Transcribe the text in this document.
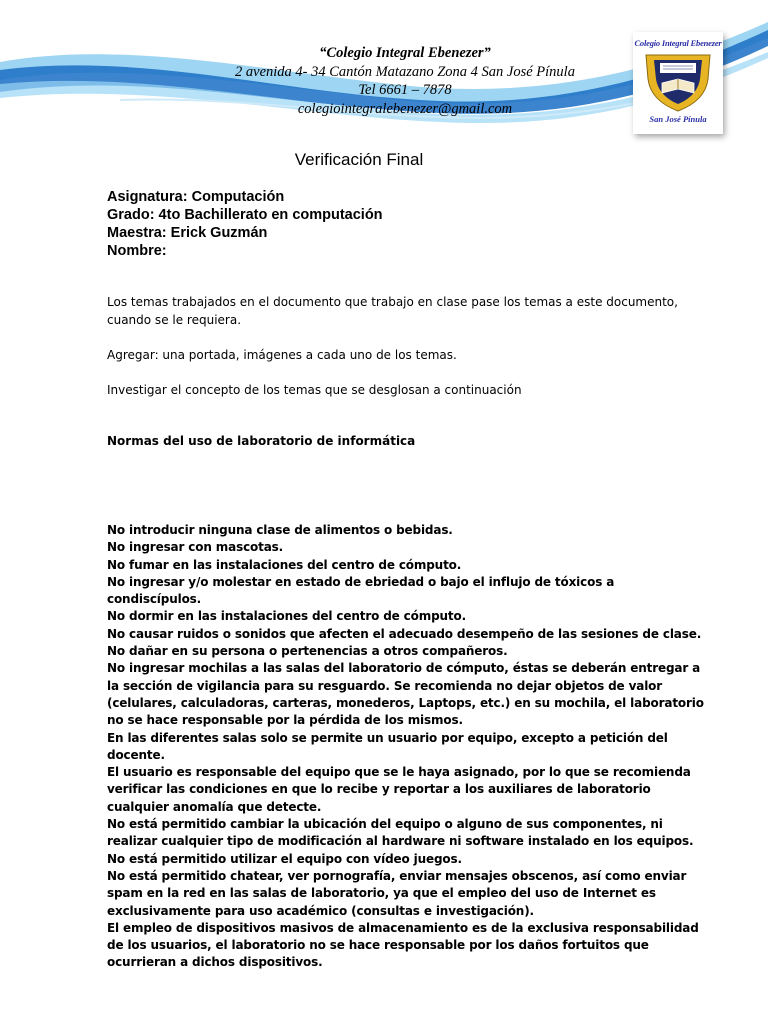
“Colegio Integral Ebenezer”
2 avenida 4- 34 Cantón Matazano Zona 4 San José Pínula
Tel 6661 – 7878
colegiointegralebenezer@gmail.com
Colegio Integral Ebenezer
San José Pínula
Verificación Final
Asignatura: Computación
Grado: 4to Bachillerato en computación
Maestra: Erick Guzmán
Nombre:

Los temas trabajados en el documento que trabajo en clase pase los temas a este documento, cuando se le requiera.

Agregar: una portada, imágenes a cada uno de los temas.

Investigar el concepto de los temas que se desglosan a continuación

Normas del uso de laboratorio de informática
No introducir ninguna clase de alimentos o bebidas.
No ingresar con mascotas.
No fumar en las instalaciones del centro de cómputo.
No ingresar y/o molestar en estado de ebriedad o bajo el influjo de tóxicos a condiscípulos.
No dormir en las instalaciones del centro de cómputo.
No causar ruidos o sonidos que afecten el adecuado desempeño de las sesiones de clase.
No dañar en su persona o pertenencias a otros compañeros.
No ingresar mochilas a las salas del laboratorio de cómputo, éstas se deberán entregar a la sección de vigilancia para su resguardo. Se recomienda no dejar objetos de valor (celulares, calculadoras, carteras, monederos, Laptops, etc.) en su mochila, el laboratorio no se hace responsable por la pérdida de los mismos.
En las diferentes salas solo se permite un usuario por equipo, excepto a petición del docente.
El usuario es responsable del equipo que se le haya asignado, por lo que se recomienda verificar las condiciones en que lo recibe y reportar a los auxiliares de laboratorio cualquier anomalía que detecte.
No está permitido cambiar la ubicación del equipo o alguno de sus componentes, ni realizar cualquier tipo de modificación al hardware ni software instalado en los equipos.
No está permitido utilizar el equipo con vídeo juegos.
No está permitido chatear, ver pornografía, enviar mensajes obscenos, así como enviar spam en la red en las salas de laboratorio, ya que el empleo del uso de Internet es exclusivamente para uso académico (consultas e investigación).
El empleo de dispositivos masivos de almacenamiento es de la exclusiva responsabilidad de los usuarios, el laboratorio no se hace responsable por los daños fortuitos que ocurrieran a dichos dispositivos.
